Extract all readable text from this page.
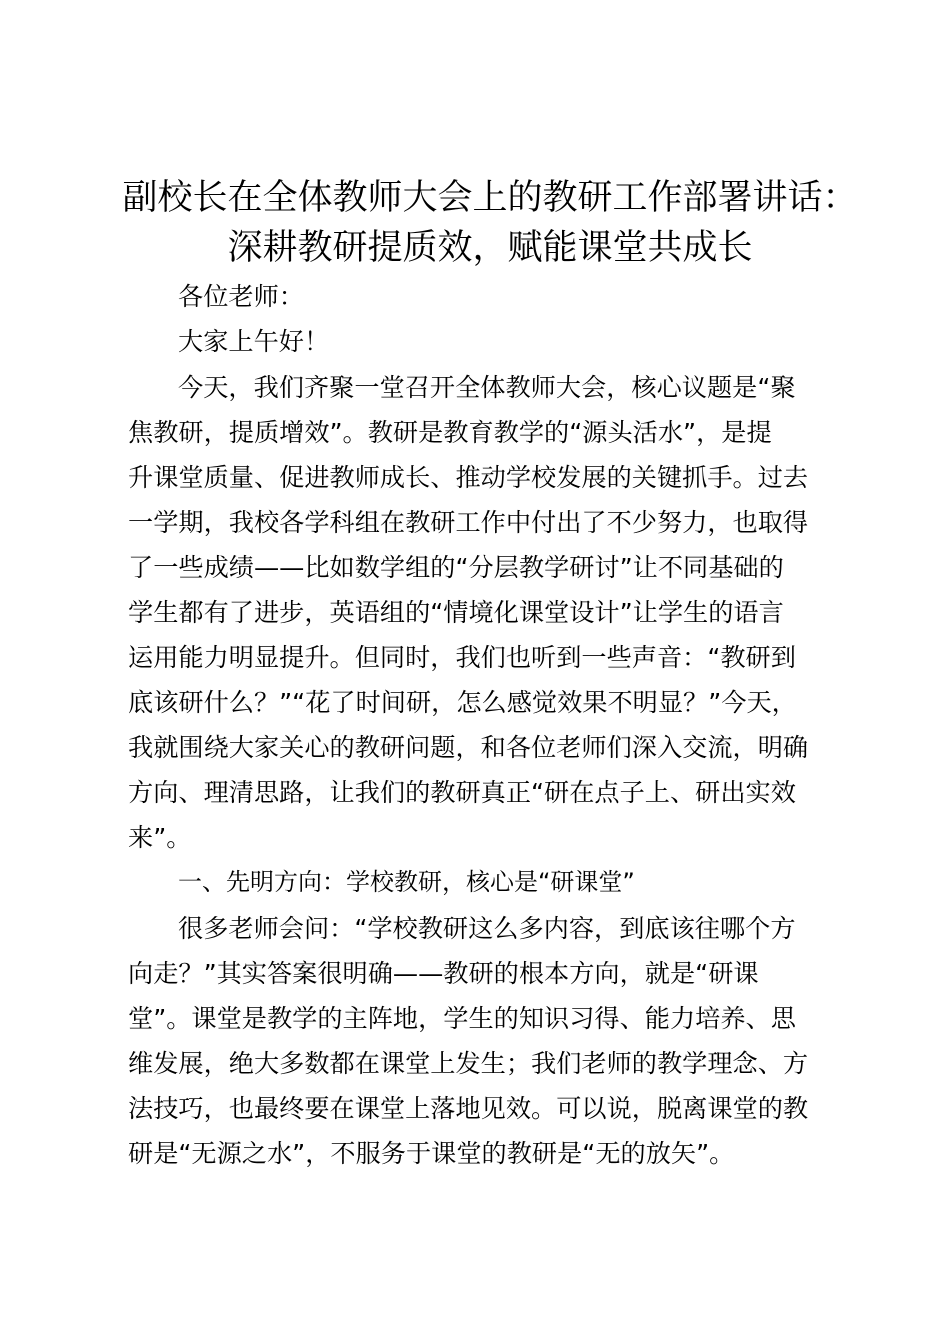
副校长在全体教师大会上的教研工作部署讲话：
深耕教研提质效，赋能课堂共成长

各位老师：

大家上午好！

今天，我们齐聚一堂召开全体教师大会，核心议题是“聚

焦教研，提质增效”。教研是教育教学的“源头活水”，是提

升课堂质量、促进教师成长、推动学校发展的关键抓手。过去

一学期，我校各学科组在教研工作中付出了不少努力，也取得

了一些成绩——比如数学组的“分层教学研讨”让不同基础的

学生都有了进步，英语组的“情境化课堂设计”让学生的语言

运用能力明显提升。但同时，我们也听到一些声音：“教研到

底该研什么？”“花了时间研，怎么感觉效果不明显？”今天，

我就围绕大家关心的教研问题，和各位老师们深入交流，明确

方向、理清思路，让我们的教研真正“研在点子上、研出实效

来”。

一、先明方向：学校教研，核心是“研课堂”

很多老师会问：“学校教研这么多内容，到底该往哪个方

向走？”其实答案很明确——教研的根本方向，就是“研课

堂”。课堂是教学的主阵地，学生的知识习得、能力培养、思

维发展，绝大多数都在课堂上发生；我们老师的教学理念、方

法技巧，也最终要在课堂上落地见效。可以说，脱离课堂的教

研是“无源之水”，不服务于课堂的教研是“无的放矢”。
